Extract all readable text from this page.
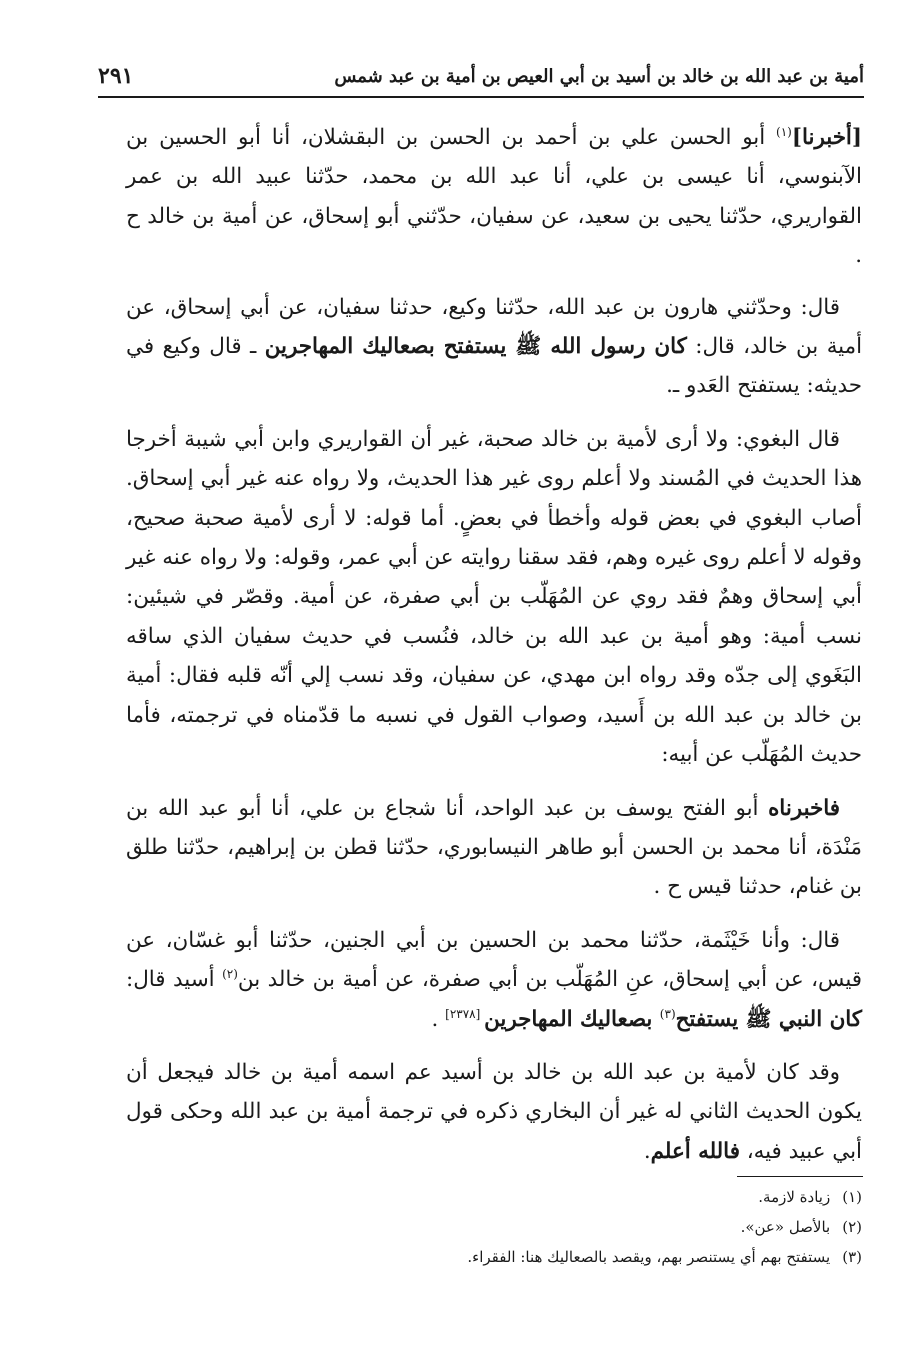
أمية بن عبد الله بن خالد بن أسيد بن أبي العيص بن أمية بن عبد شمس
٢٩١

[أخبرنا]$^{(١)}$ أبو الحسن علي بن أحمد بن الحسن بن البقشلان، أنا أبو الحسين بن الآبنوسي، أنا عيسى بن علي، أنا عبد الله بن محمد، حدّثنا عبيد الله بن عمر القواريري، حدّثنا يحيى بن سعيد، عن سفيان، حدّثني أبو إسحاق، عن أمية بن خالد ح .

قال: وحدّثني هارون بن عبد الله، حدّثنا وكيع، حدثنا سفيان، عن أبي إسحاق، عن أمية بن خالد، قال: كان رسول الله ﷺ يستفتح بصعاليك المهاجرين ـ قال وكيع في حديثه: يستفتح العَدو ـ.

قال البغوي: ولا أرى لأمية بن خالد صحبة، غير أن القواريري وابن أبي شيبة أخرجا هذا الحديث في المُسند ولا أعلم روى غير هذا الحديث، ولا رواه عنه غير أبي إسحاق. أصاب البغوي في بعض قوله وأخطأ في بعضٍ. أما قوله: لا أرى لأمية صحبة صحيح، وقوله لا أعلم روى غيره وهم، فقد سقنا روايته عن أبي عمر، وقوله: ولا رواه عنه غير أبي إسحاق وهمٌ فقد روي عن المُهَلّب بن أبي صفرة، عن أمية. وقصّر في شيئين: نسب أمية: وهو أمية بن عبد الله بن خالد، فنُسب في حديث سفيان الذي ساقه البَغَوي إلى جدّه وقد رواه ابن مهدي، عن سفيان، وقد نسب إلي أنّه قلبه فقال: أمية بن خالد بن عبد الله بن أَسيد، وصواب القول في نسبه ما قدّمناه في ترجمته، فأما حديث المُهَلّب عن أبيه:

فاخبرناه أبو الفتح يوسف بن عبد الواحد، أنا شجاع بن علي، أنا أبو عبد الله بن مَنْدَة، أنا محمد بن الحسن أبو طاهر النيسابوري، حدّثنا قطن بن إبراهيم، حدّثنا طلق بن غنام، حدثنا قيس ح .

قال: وأنا خَيْثَمة، حدّثنا محمد بن الحسين بن أبي الجنين، حدّثنا أبو غسّان، عن قيس، عن أبي إسحاق، عنِ المُهَلّب بن أبي صفرة، عن أمية بن خالد بن$^{(٢)}$ أسيد قال: كان النبي ﷺ يستفتح$^{(٣)}$ بصعاليك المهاجرين [٢٣٧٨] .

وقد كان لأمية بن عبد الله بن خالد بن أسيد عم اسمه أمية بن خالد فيجعل أن يكون الحديث الثاني له غير أن البخاري ذكره في ترجمة أمية بن عبد الله وحكى قول أبي عبيد فيه، فالله أعلم.

(١)
زيادة لازمة.
(٢)
بالأصل «عن».
(٣)
يستفتح بهم أي يستنصر بهم، ويقصد بالصعاليك هنا: الفقراء.
